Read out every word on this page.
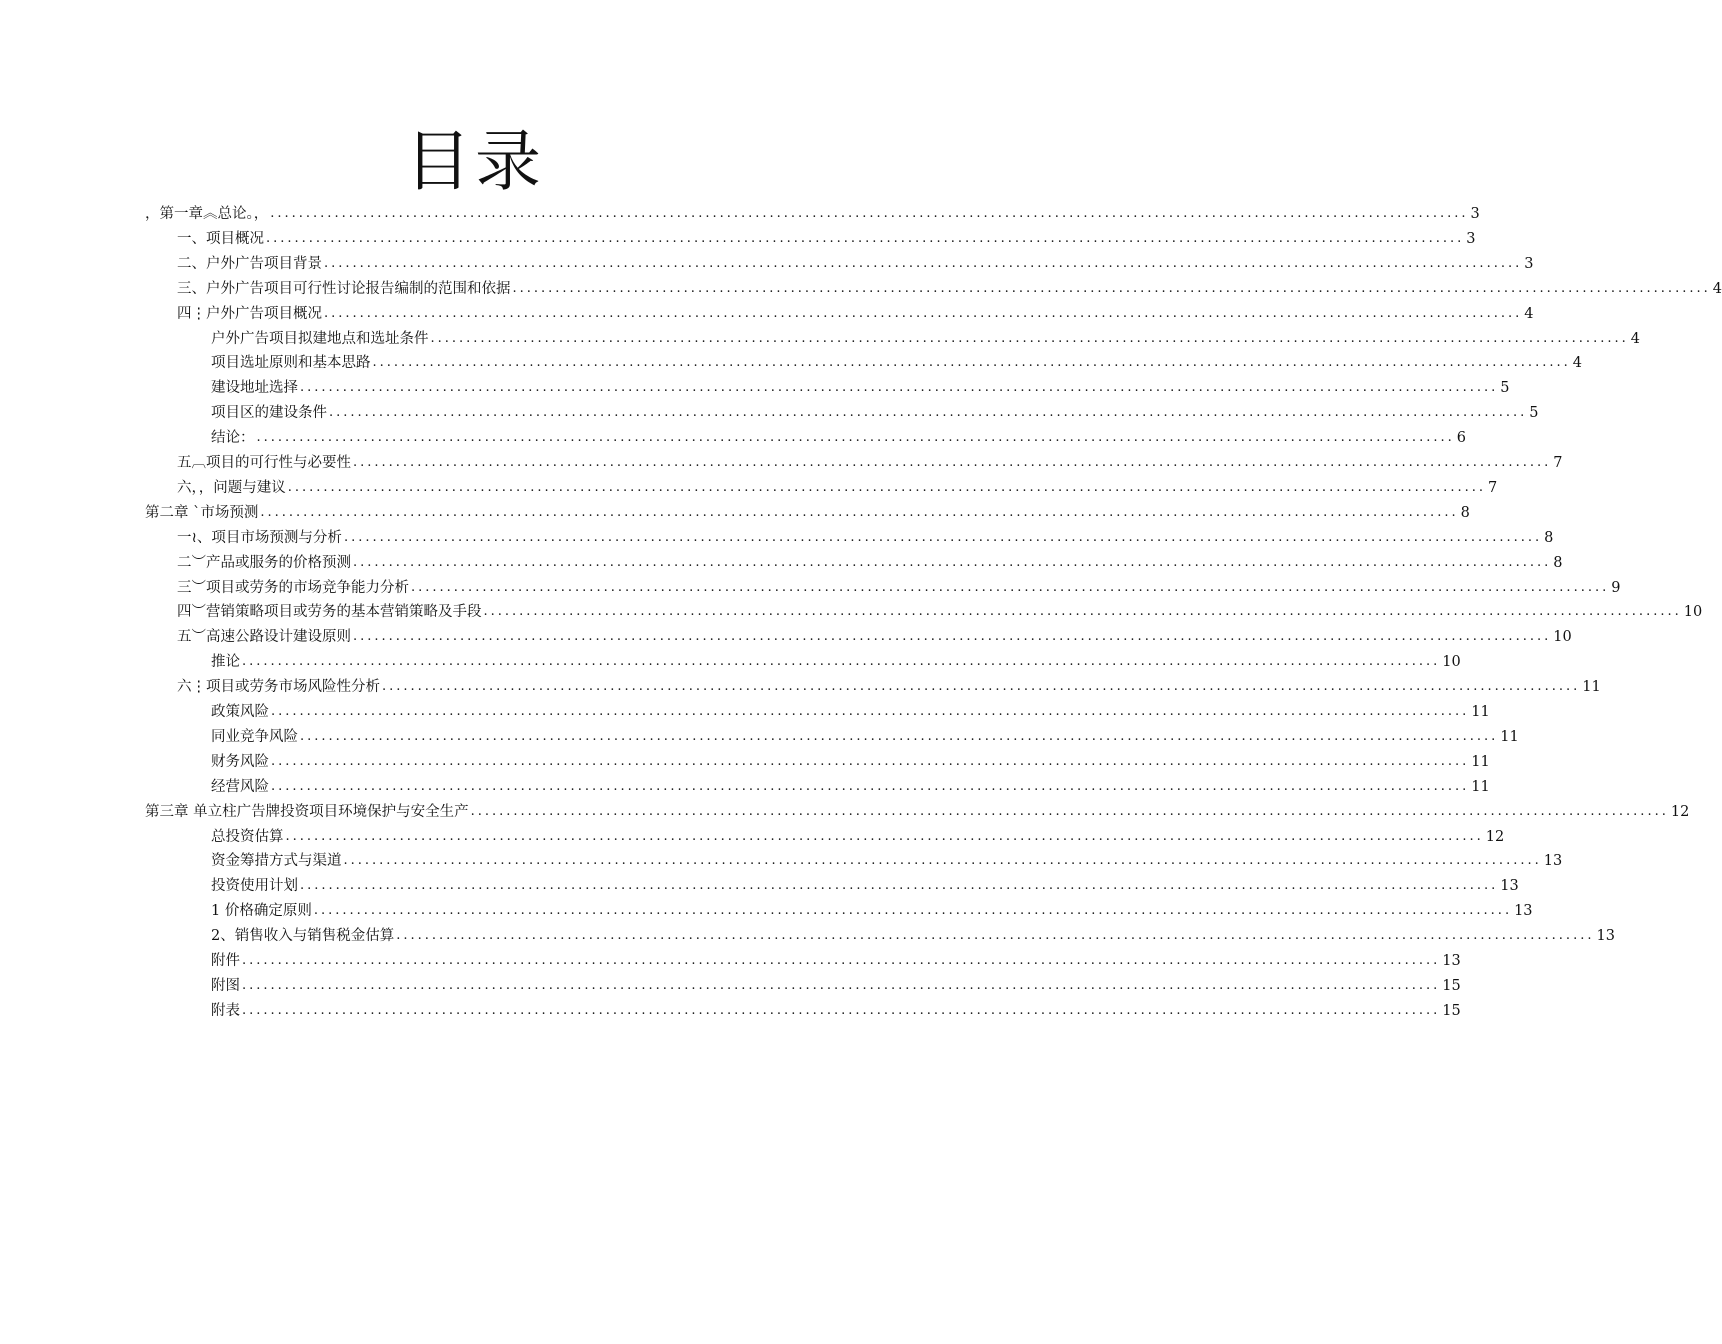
目录
，第一章︽总论。， ........................................................................................................................................................................ 3
一、项目概况 ........................................................................................................................................................................ 3
二、户外广告项目背景 ........................................................................................................................................................................ 3
三、户外广告项目可行性讨论报告编制的范围和依据 ........................................................................................................................................................................ 4
四⋮户外广告项目概况 ........................................................................................................................................................................ 4
户外广告项目拟建地点和选址条件 ........................................................................................................................................................................ 4
项目选址原则和基本思路 ........................................................................................................................................................................ 4
建设地址选择 ........................................................................................................................................................................ 5
项目区的建设条件 ........................................................................................................................................................................ 5
结论： ........................................................................................................................................................................ 6
五︹项目的可行性与必要性 ........................................................................................................................................................................ 7
六，，问题与建议 ........................................................................................................................................................................ 7
第二章 ˋ市场预测 ........................................................................................................................................................................ 8
一≀、项目市场预测与分析 ........................................................................................................................................................................ 8
二︶产品或服务的价格预测 ........................................................................................................................................................................ 8
三︶项目或劳务的市场竞争能力分析 ........................................................................................................................................................................ 9
四︶营销策略项目或劳务的基本营销策略及手段 ........................................................................................................................................................................ 10
五︶高速公路设计建设原则 ........................................................................................................................................................................ 10
推论 ........................................................................................................................................................................ 10
六⋮项目或劳务市场风险性分析 ........................................................................................................................................................................ 11
政策风险 ........................................................................................................................................................................ 11
同业竞争风险 ........................................................................................................................................................................ 11
财务风险 ........................................................................................................................................................................ 11
经营风险 ........................................................................................................................................................................ 11
第三章 单立柱广告牌投资项目环境保护与安全生产 ........................................................................................................................................................................ 12
总投资估算 ........................................................................................................................................................................ 12
资金筹措方式与渠道 ........................................................................................................................................................................ 13
投资使用计划 ........................................................................................................................................................................ 13
1 价格确定原则 ........................................................................................................................................................................ 13
2、销售收入与销售税金估算 ........................................................................................................................................................................ 13
附件 ........................................................................................................................................................................ 13
附图 ........................................................................................................................................................................ 15
附表 ........................................................................................................................................................................ 15
